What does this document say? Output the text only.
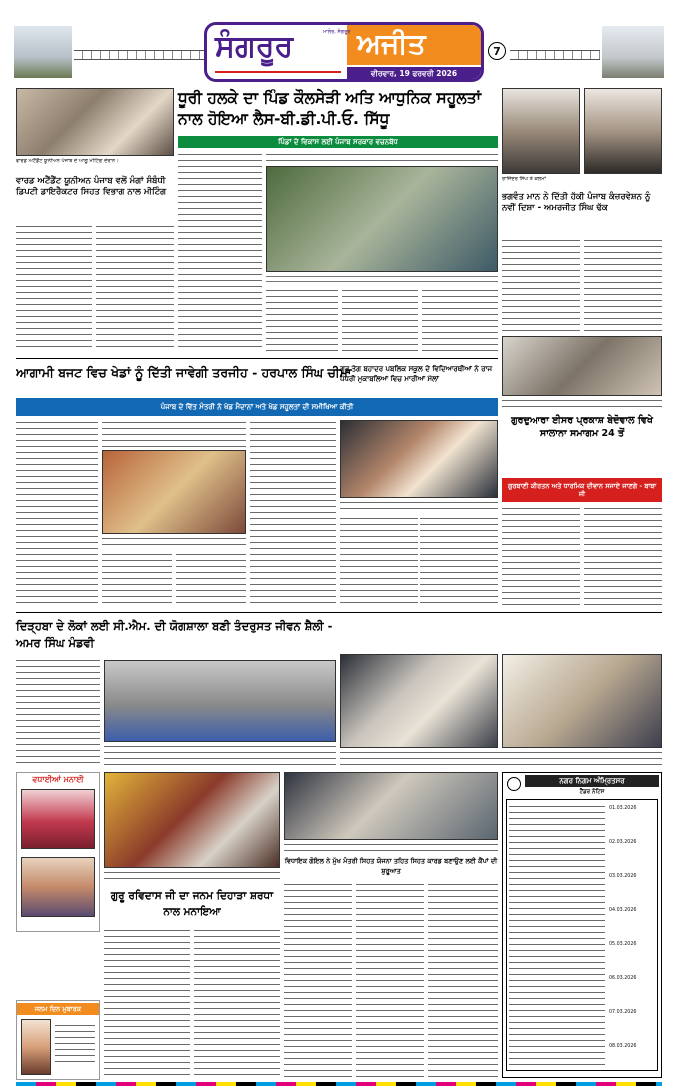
ਸੰਗਰੂਰ ਅਜੀਤ
ਮਾਲੇਰ, ਸੰਗਰੂਰ
ਵੀਰਵਾਰ, 19 ਫਰਵਰੀ 2026
7
ਧੂਰੀ ਹਲਕੇ ਦਾ ਪਿੰਡ ਕੌਲਸੇੜੀ ਅਤਿ ਆਧੁਨਿਕ ਸਹੂਲਤਾਂ ਨਾਲ ਹੋਇਆ ਲੈਸ-ਬੀ.ਡੀ.ਪੀ.ਓ. ਸਿੱਧੂ
ਪਿੰਡਾਂ ਦੇ ਵਿਕਾਸ ਲਈ ਪੰਜਾਬ ਸਰਕਾਰ ਵਚਨਬੱਧ
ਵਾਰਡ ਅਟੈਂਡੈਂਟ ਯੂਨੀਅਨ ਪੰਜਾਬ ਦੇ ਆਗੂ ਮੀਟਿੰਗ ਦੌਰਾਨ।
ਵਾਰਡ ਅਟੈਂਡੈਂਟ ਯੂਨੀਅਨ ਪੰਜਾਬ ਵਲੋਂ ਮੰਗਾਂ ਸੰਬੰਧੀ ਡਿਪਟੀ ਡਾਇਰੈਕਟਰ ਸਿਹਤ ਵਿਭਾਗ ਨਾਲ ਮੀਟਿੰਗ
ਰਾਜਿੰਦਰ ਸਿੰਘ ਤੇ ਕੋਲਮਾਂ
ਭਗਵੰਤ ਮਾਨ ਨੇ ਦਿੱਤੀ ਹੱਕੀ ਪੰਜਾਬ ਕੰਜ਼ਰਵੇਸ਼ਨ ਨੂੰ ਨਵੀਂ ਦਿਸ਼ਾ - ਅਮਰਜੀਤ ਸਿੰਘ ਢੱਕ
ਆਗਾਮੀ ਬਜਟ ਵਿਚ ਖੇਡਾਂ ਨੂੰ ਦਿੱਤੀ ਜਾਵੇਗੀ ਤਰਜੀਹ - ਹਰਪਾਲ ਸਿੰਘ ਚੀਮਾ
ਪੰਜਾਬ ਦੇ ਵਿੱਤ ਮੰਤਰੀ ਨੇ ਖੇਡ ਮੈਦਾਨਾਂ ਅਤੇ ਖੇਡ ਸਹੂਲਤਾਂ ਦੀ ਸਮੀਖਿਆ ਕੀਤੀ
ਗੁਰੂ ਤੇਗ ਬਹਾਦਰ ਪਬਲਿਕ ਸਕੂਲ ਦੇ ਵਿਦਿਆਰਥੀਆਂ ਨੇ ਰਾਜ ਪੱਧਰੀ ਮੁਕਾਬਲਿਆਂ ਵਿਚ ਮਾਰੀਆਂ ਮੱਲਾਂ
ਗੁਰਦੁਆਰਾ ਈਸਰ ਪ੍ਰਕਾਸ਼ ਬੇਦੋਵਾਲ ਵਿਖੇ ਸਾਲਾਨਾ ਸਮਾਗਮ 24 ਤੋਂ
ਗੁਰਬਾਣੀ ਕੀਰਤਨ ਅਤੇ ਧਾਰਮਿਕ ਦੀਵਾਨ ਸਜਾਏ ਜਾਣਗੇ - ਬਾਬਾ ਜੀ
ਦਿੜ੍ਹਬਾ ਦੇ ਲੋਕਾਂ ਲਈ ਸੀ.ਐਮ. ਦੀ ਯੋਗਸ਼ਾਲਾ ਬਣੀ ਤੰਦਰੁਸਤ ਜੀਵਨ ਸ਼ੈਲੀ - ਅਮਰ ਸਿੰਘ ਮੰਡਵੀ
ਵਧਾਈਆਂ ਮਨਾਈ
ਜਨਮ ਦਿਨ ਮੁਬਾਰਕ
ਗੁਰੂ ਰਵਿਦਾਸ ਜੀ ਦਾ ਜਨਮ ਦਿਹਾੜਾ ਸ਼ਰਧਾ ਨਾਲ ਮਨਾਇਆ
ਵਿਧਾਇਕ ਗੋਇਲ ਨੇ ਮੁੱਖ ਮੰਤਰੀ ਸਿਹਤ ਯੋਜਨਾ ਤਹਿਤ ਸਿਹਤ ਕਾਰਡ ਬਣਾਉਣ ਲਈ ਕੈਂਪਾਂ ਦੀ ਸ਼ੁਰੂਆਤ
ਨਗਰ ਨਿਗਮ ਅੰਮ੍ਰਿਤਸਰ
ਟੈਂਡਰ ਨੋਟਿਸ
01.03.2026
02.03.2026
03.03.2026
04.03.2026
05.03.2026
06.03.2026
07.03.2026
08.03.2026
